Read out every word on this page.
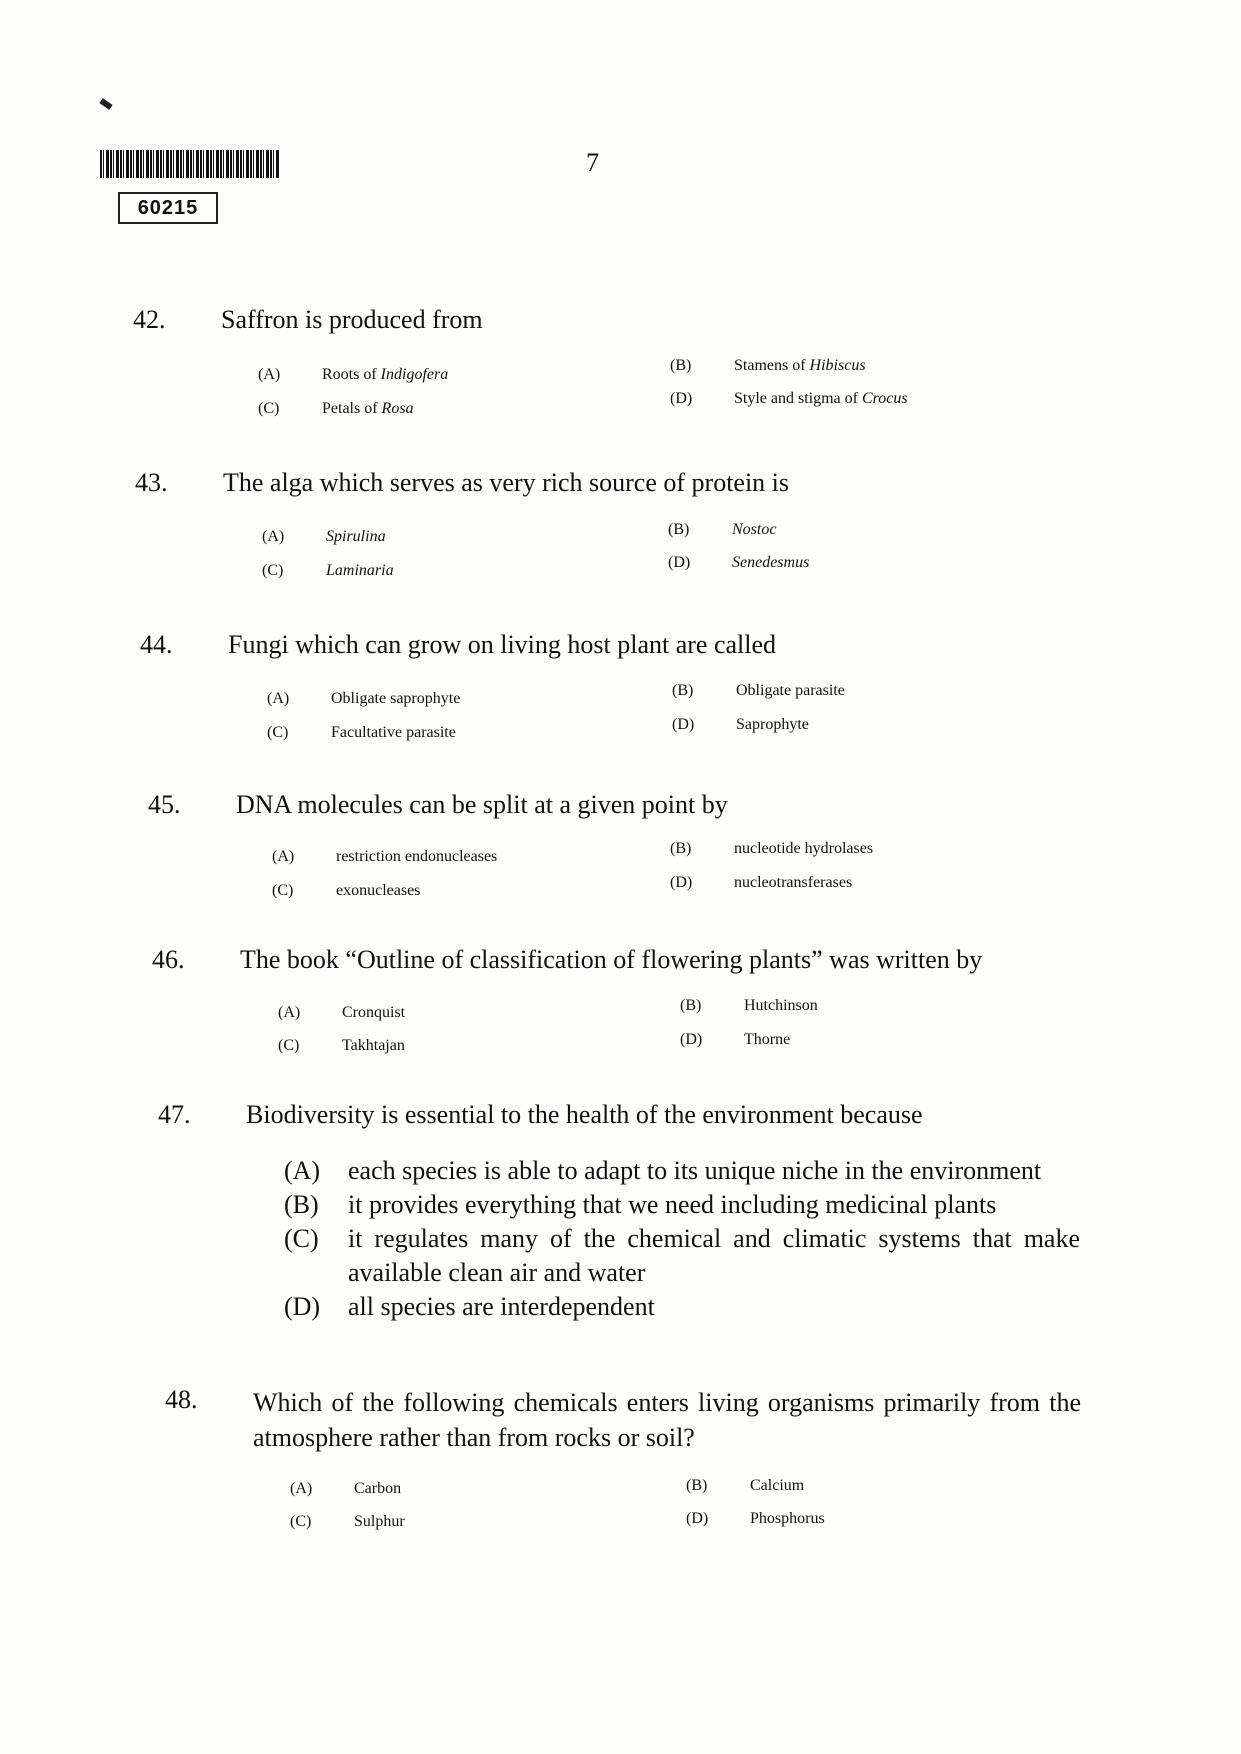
60215
7
42. Saffron is produced from
(A)	Roots of Indigofera
(B)	Stamens of Hibiscus
(C)	Petals of Rosa
(D)	Style and stigma of Crocus
43. The alga which serves as very rich source of protein is
(A)	Spirulina	(B)	Nostoc
(C)	Laminaria	(D)	Senedesmus
44. Fungi which can grow on living host plant are called
(A)	Obligate saprophyte	(B)	Obligate parasite
(C)	Facultative parasite	(D)	Saprophyte
45. DNA molecules can be split at a given point by
(A)	restriction endonucleases	(B)	nucleotide hydrolases
(C)	exonucleases	(D)	nucleotransferases
46. The book “Outline of classification of flowering plants” was written by
(A)	Cronquist	(B)	Hutchinson
(C)	Takhtajan	(D)	Thorne
47. Biodiversity is essential to the health of the environment because
(A) each species is able to adapt to its unique niche in the environment
(B) it provides everything that we need including medicinal plants
(C) it regulates many of the chemical and climatic systems that make available clean air and water
(D) all species are interdependent
48. Which of the following chemicals enters living organisms primarily from the atmosphere rather than from rocks or soil?
(A)	Carbon	(B)	Calcium
(C)	Sulphur	(D)	Phosphorus
